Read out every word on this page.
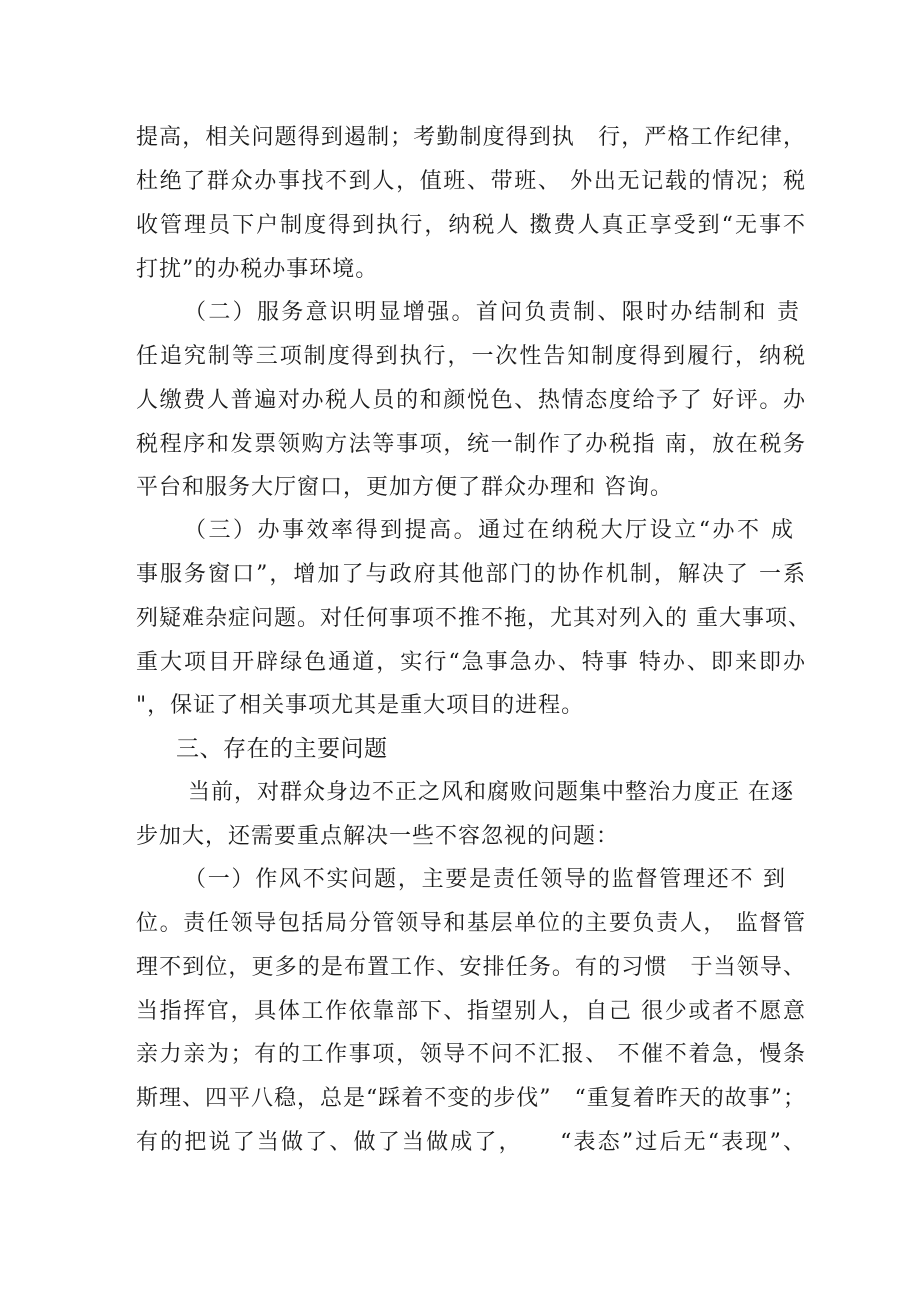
提高，相关问题得到遏制；考勤制度得到执　行，严格工作纪律，
杜绝了群众办事找不到人，值班、带班、 外出无记载的情况；税
收管理员下户制度得到执行，纳税人 擞费人真正享受到“无事不
打扰”的办税办事环境。
（二）服务意识明显增强。首问负责制、限时办结制和 责
任追究制等三项制度得到执行，一次性告知制度得到履行，纳税
人缴费人普遍对办税人员的和颜悦色、热情态度给予了 好评。办
税程序和发票领购方法等事项，统一制作了办税指 南，放在税务
平台和服务大厅窗口，更加方便了群众办理和 咨询。
（三）办事效率得到提高。通过在纳税大厅设立“办不 成
事服务窗口”，增加了与政府其他部门的协作机制，解决了 一系
列疑难杂症问题。对任何事项不推不拖，尤其对列入的 重大事项、
重大项目开辟绿色通道，实行“急事急办、特事 特办、即来即办
"，保证了相关事项尤其是重大项目的进程。
三、存在的主要问题
当前，对群众身边不正之风和腐败问题集中整治力度正 在逐
步加大，还需要重点解决一些不容忽视的问题：
（一）作风不实问题，主要是责任领导的监督管理还不 到
位。责任领导包括局分管领导和基层单位的主要负责人， 监督管
理不到位，更多的是布置工作、安排任务。有的习惯　于当领导、
当指挥官，具体工作依靠部下、指望别人，自己 很少或者不愿意
亲力亲为；有的工作事项，领导不问不汇报、 不催不着急，慢条
斯理、四平八稳，总是“踩着不变的步伐”　“重复着昨天的故事”；
有的把说了当做了、做了当做成了，　　“表态”过后无“表现”、
